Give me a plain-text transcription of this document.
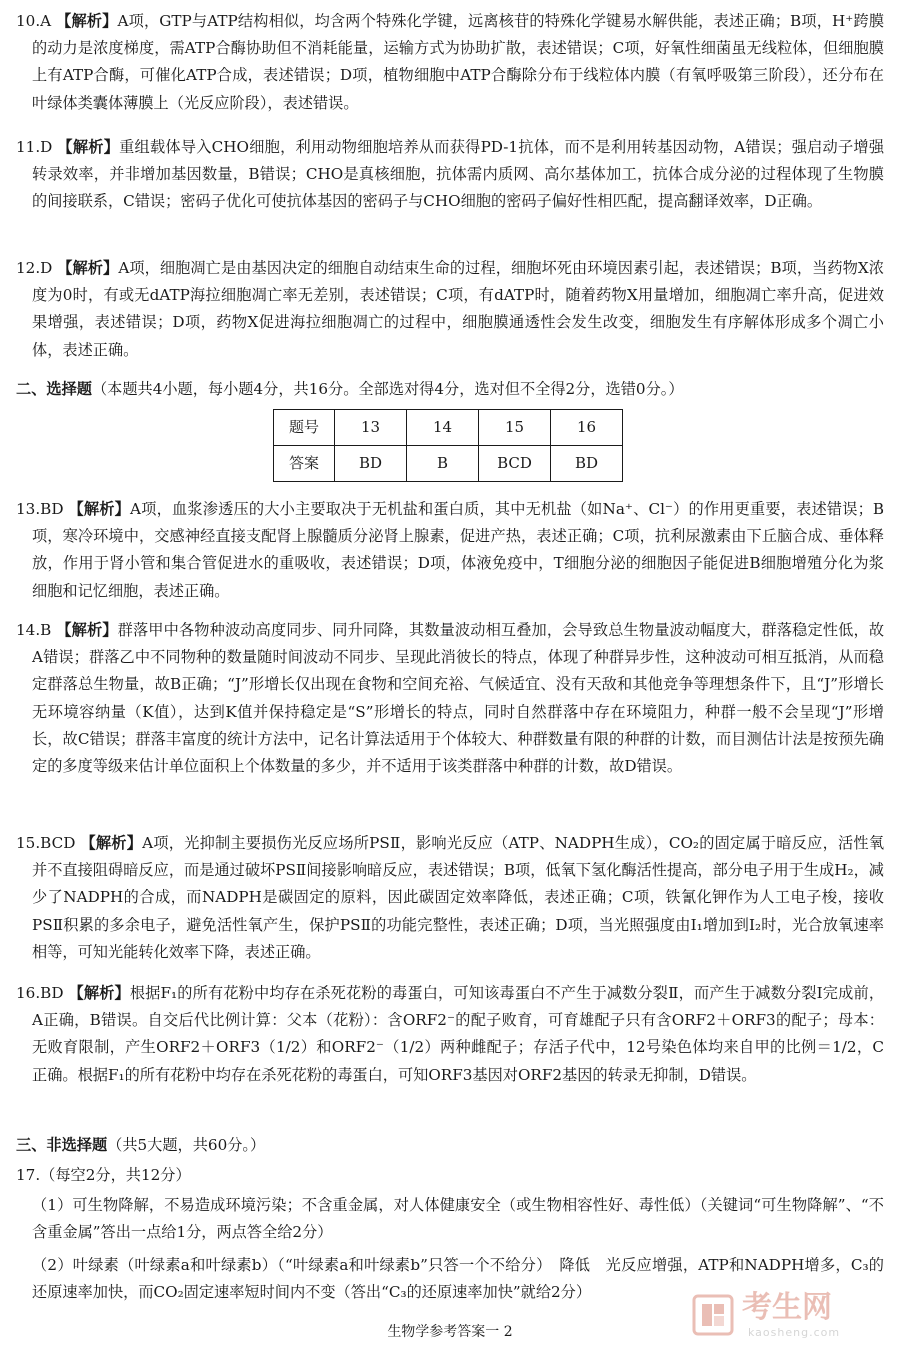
10.A 【解析】A项，GTP与ATP结构相似，均含两个特殊化学键，远离核苷的特殊化学键易水解供能，表述正确；B项，H⁺跨膜的动力是浓度梯度，需ATP合酶协助但不消耗能量，运输方式为协助扩散，表述错误；C项，好氧性细菌虽无线粒体，但细胞膜上有ATP合酶，可催化ATP合成，表述错误；D项，植物细胞中ATP合酶除分布于线粒体内膜（有氧呼吸第三阶段），还分布在叶绿体类囊体薄膜上（光反应阶段），表述错误。
11.D 【解析】重组载体导入CHO细胞，利用动物细胞培养从而获得PD-1抗体，而不是利用转基因动物，A错误；强启动子增强转录效率，并非增加基因数量，B错误；CHO是真核细胞，抗体需内质网、高尔基体加工，抗体合成分泌的过程体现了生物膜的间接联系，C错误；密码子优化可使抗体基因的密码子与CHO细胞的密码子偏好性相匹配，提高翻译效率，D正确。
12.D 【解析】A项，细胞凋亡是由基因决定的细胞自动结束生命的过程，细胞坏死由环境因素引起，表述错误；B项，当药物X浓度为0时，有或无dATP海拉细胞凋亡率无差别，表述错误；C项，有dATP时，随着药物X用量增加，细胞凋亡率升高，促进效果增强，表述错误；D项，药物X促进海拉细胞凋亡的过程中，细胞膜通透性会发生改变，细胞发生有序解体形成多个凋亡小体，表述正确。
二、选择题（本题共4小题，每小题4分，共16分。全部选对得4分，选对但不全得2分，选错0分。）
题号	13	14	15	16
答案	BD	B	BCD	BD
13.BD 【解析】A项，血浆渗透压的大小主要取决于无机盐和蛋白质，其中无机盐（如Na⁺、Cl⁻）的作用更重要，表述错误；B项，寒冷环境中，交感神经直接支配肾上腺髓质分泌肾上腺素，促进产热，表述正确；C项，抗利尿激素由下丘脑合成、垂体释放，作用于肾小管和集合管促进水的重吸收，表述错误；D项，体液免疫中，T细胞分泌的细胞因子能促进B细胞增殖分化为浆细胞和记忆细胞，表述正确。
14.B 【解析】群落甲中各物种波动高度同步、同升同降，其数量波动相互叠加，会导致总生物量波动幅度大，群落稳定性低，故A错误；群落乙中不同物种的数量随时间波动不同步、呈现此消彼长的特点，体现了种群异步性，这种波动可相互抵消，从而稳定群落总生物量，故B正确；“J”形增长仅出现在食物和空间充裕、气候适宜、没有天敌和其他竞争等理想条件下，且“J”形增长无环境容纳量（K值），达到K值并保持稳定是“S”形增长的特点，同时自然群落中存在环境阻力，种群一般不会呈现“J”形增长，故C错误；群落丰富度的统计方法中，记名计算法适用于个体较大、种群数量有限的种群的计数，而目测估计法是按预先确定的多度等级来估计单位面积上个体数量的多少，并不适用于该类群落中种群的计数，故D错误。
15.BCD 【解析】A项，光抑制主要损伤光反应场所PSⅡ，影响光反应（ATP、NADPH生成），CO₂的固定属于暗反应，活性氧并不直接阻碍暗反应，而是通过破坏PSⅡ间接影响暗反应，表述错误；B项，低氧下氢化酶活性提高，部分电子用于生成H₂，减少了NADPH的合成，而NADPH是碳固定的原料，因此碳固定效率降低，表述正确；C项，铁氰化钾作为人工电子梭，接收PSⅡ积累的多余电子，避免活性氧产生，保护PSⅡ的功能完整性，表述正确；D项，当光照强度由I₁增加到I₂时，光合放氧速率相等，可知光能转化效率下降，表述正确。
16.BD 【解析】根据F₁的所有花粉中均存在杀死花粉的毒蛋白，可知该毒蛋白不产生于减数分裂Ⅱ，而产生于减数分裂Ⅰ完成前，A正确，B错误。自交后代比例计算：父本（花粉）：含ORF2⁻的配子败育，可育雄配子只有含ORF2＋ORF3的配子；母本：无败育限制，产生ORF2＋ORF3（1/2）和ORF2⁻（1/2）两种雌配子；存活子代中，12号染色体均来自甲的比例＝1/2，C正确。根据F₁的所有花粉中均存在杀死花粉的毒蛋白，可知ORF3基因对ORF2基因的转录无抑制，D错误。
三、非选择题（共5大题，共60分。）
17.（每空2分，共12分）
（1）可生物降解，不易造成环境污染；不含重金属，对人体健康安全（或生物相容性好、毒性低）（关键词“可生物降解”、“不含重金属”答出一点给1分，两点答全给2分）
（2）叶绿素（叶绿素a和叶绿素b）（“叶绿素a和叶绿素b”只答一个不给分）　降低　光反应增强，ATP和NADPH增多，C₃的还原速率加快，而CO₂固定速率短时间内不变（答出“C₃的还原速率加快”就给2分）
生物学参考答案一 2
考生网
kaosheng.com
